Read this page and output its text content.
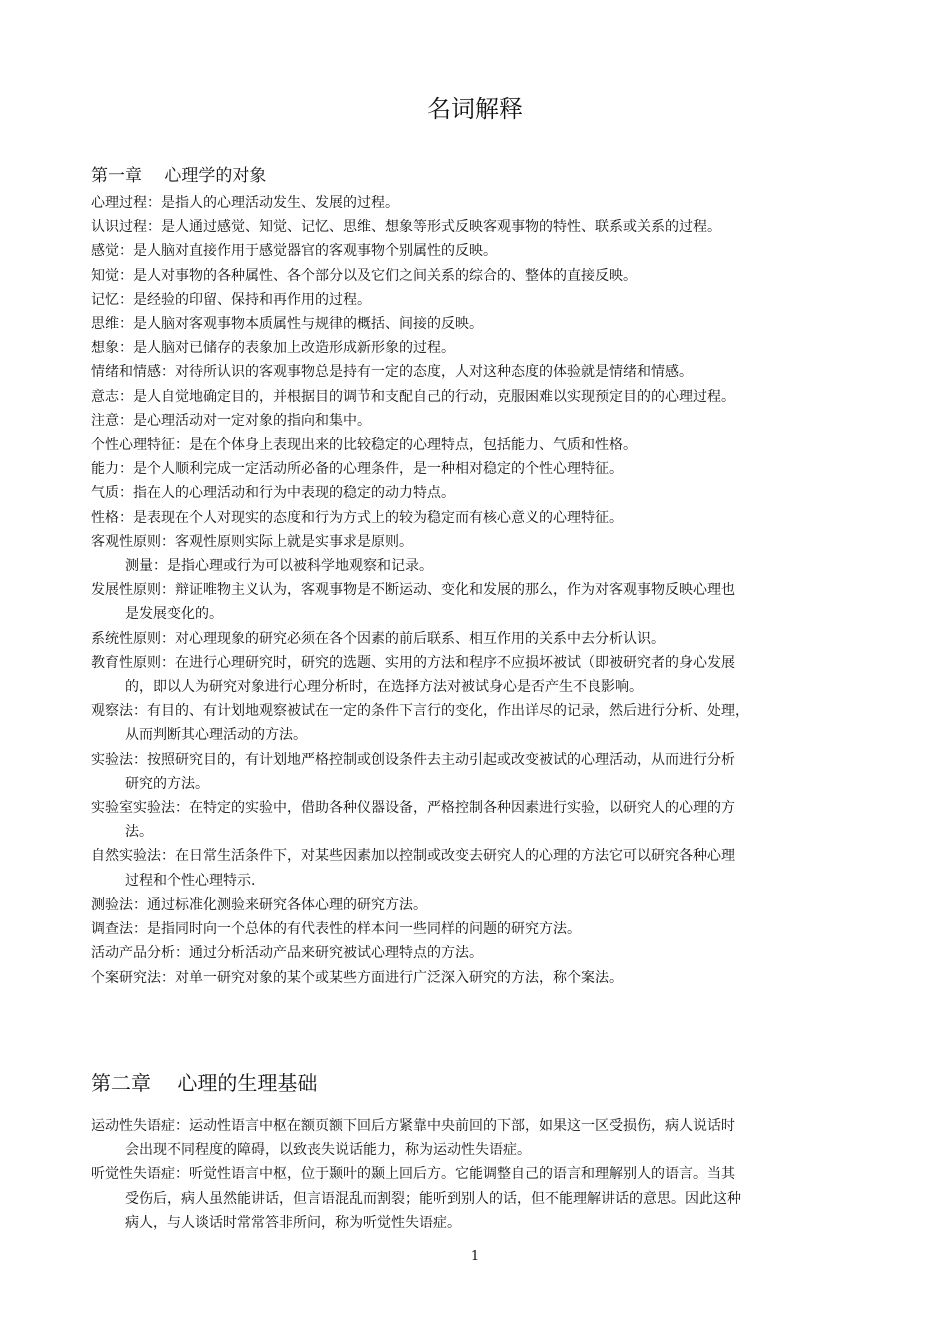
名词解释
第一章　 心理学的对象

心理过程：是指人的心理活动发生、发展的过程。

认识过程：是人通过感觉、知觉、记忆、思维、想象等形式反映客观事物的特性、联系或关系的过程。

感觉：是人脑对直接作用于感觉器官的客观事物个别属性的反映。

知觉：是人对事物的各种属性、各个部分以及它们之间关系的综合的、整体的直接反映。

记忆：是经验的印留、保持和再作用的过程。

思维：是人脑对客观事物本质属性与规律的概括、间接的反映。

想象：是人脑对已储存的表象加上改造形成新形象的过程。

情绪和情感：对待所认识的客观事物总是持有一定的态度，人对这种态度的体验就是情绪和情感。

意志：是人自觉地确定目的，并根据目的调节和支配自己的行动，克服困难以实现预定目的的心理过程。

注意：是心理活动对一定对象的指向和集中。

个性心理特征：是在个体身上表现出来的比较稳定的心理特点，包括能力、气质和性格。

能力：是个人顺利完成一定活动所必备的心理条件，是一种相对稳定的个性心理特征。

气质：指在人的心理活动和行为中表现的稳定的动力特点。

性格：是表现在个人对现实的态度和行为方式上的较为稳定而有核心意义的心理特征。

客观性原则：客观性原则实际上就是实事求是原则。

测量：是指心理或行为可以被科学地观察和记录。

发展性原则：辩证唯物主义认为，客观事物是不断运动、变化和发展的那么，作为对客观事物反映心理也
是发展变化的。

系统性原则：对心理现象的研究必须在各个因素的前后联系、相互作用的关系中去分析认识。

教育性原则：在进行心理研究时，研究的选题、实用的方法和程序不应损坏被试（即被研究者的身心发展
的，即以人为研究对象进行心理分析时，在选择方法对被试身心是否产生不良影响。

观察法：有目的、有计划地观察被试在一定的条件下言行的变化，作出详尽的记录，然后进行分析、处理，
从而判断其心理活动的方法。

实验法：按照研究目的，有计划地严格控制或创设条件去主动引起或改变被试的心理活动，从而进行分析
研究的方法。

实验室实验法：在特定的实验中，借助各种仪器设备，严格控制各种因素进行实验，以研究人的心理的方
法。

自然实验法：在日常生活条件下，对某些因素加以控制或改变去研究人的心理的方法它可以研究各种心理
过程和个性心理特示.

测验法：通过标准化测验来研究各体心理的研究方法。

调查法：是指同时向一个总体的有代表性的样本问一些同样的问题的研究方法。

活动产品分析：通过分析活动产品来研究被试心理特点的方法。

个案研究法：对单一研究对象的某个或某些方面进行广泛深入研究的方法，称个案法。

第二章　 心理的生理基础

运动性失语症：运动性语言中枢在额页额下回后方紧靠中央前回的下部，如果这一区受损伤，病人说话时
会出现不同程度的障碍，以致丧失说话能力，称为运动性失语症。

听觉性失语症：听觉性语言中枢，位于颞叶的颞上回后方。它能调整自己的语言和理解别人的语言。当其
受伤后，病人虽然能讲话，但言语混乱而割裂；能听到别人的话，但不能理解讲话的意思。因此这种
病人，与人谈话时常常答非所问，称为听觉性失语症。

1
